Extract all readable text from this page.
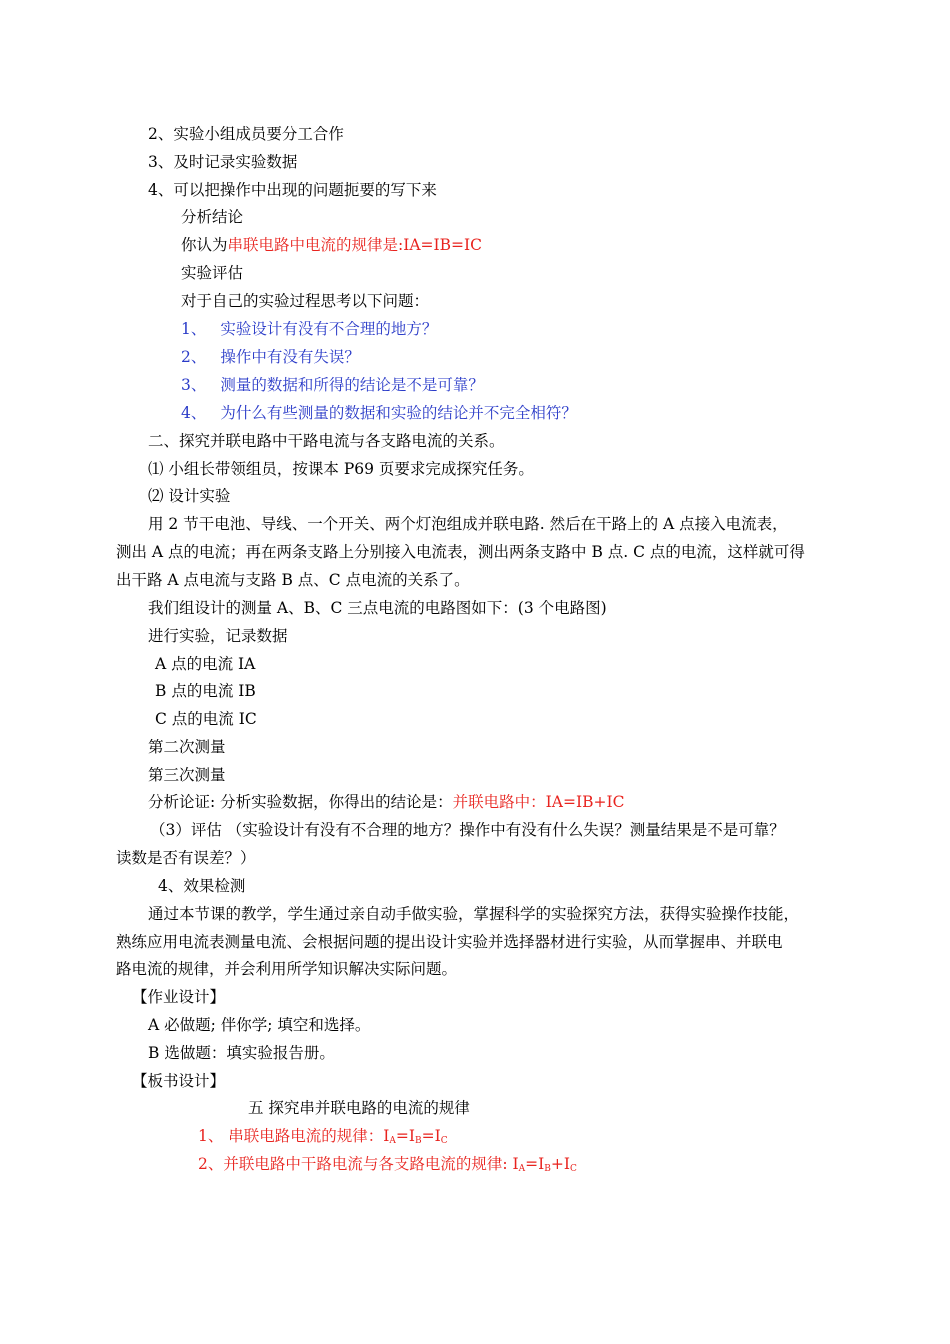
2、实验小组成员要分工合作
3、及时记录实验数据
4、可以把操作中出现的问题扼要的写下来
分析结论
你认为串联电路中电流的规律是:IA=IB=IC
实验评估
对于自己的实验过程思考以下问题：
1、 实验设计有没有不合理的地方？
2、 操作中有没有失误？
3、 测量的数据和所得的结论是不是可靠？
4、 为什么有些测量的数据和实验的结论并不完全相符？
二、探究并联电路中干路电流与各支路电流的关系。
⑴ 小组长带领组员，按课本 P69 页要求完成探究任务。
⑵ 设计实验
用 2 节干电池、导线、一个开关、两个灯泡组成并联电路. 然后在干路上的 A 点接入电流表，
测出 A 点的电流；再在两条支路上分别接入电流表，测出两条支路中 B 点. C 点的电流，这样就可得
出干路 A 点电流与支路 B 点、C 点电流的关系了。
我们组设计的测量 A、B、C 三点电流的电路图如下：(3 个电路图)
进行实验，记录数据
A 点的电流 IA
B 点的电流 IB
C 点的电流 IC
第二次测量
第三次测量
分析论证: 分析实验数据，你得出的结论是：并联电路中：IA=IB+IC
（3）评估 （实验设计有没有不合理的地方？操作中有没有什么失误？测量结果是不是可靠？
读数是否有误差？）
4、效果检测
通过本节课的教学，学生通过亲自动手做实验，掌握科学的实验探究方法，获得实验操作技能，
熟练应用电流表测量电流、会根据问题的提出设计实验并选择器材进行实验，从而掌握串、并联电
路电流的规律，并会利用所学知识解决实际问题。
【作业设计】
A 必做题; 伴你学; 填空和选择。
B 选做题：填实验报告册。
【板书设计】
五 探究串并联电路的电流的规律
1、 串联电路电流的规律：$I_A=I_B=I_C$
2、并联电路中干路电流与各支路电流的规律: $I_A=I_B+I_C$
